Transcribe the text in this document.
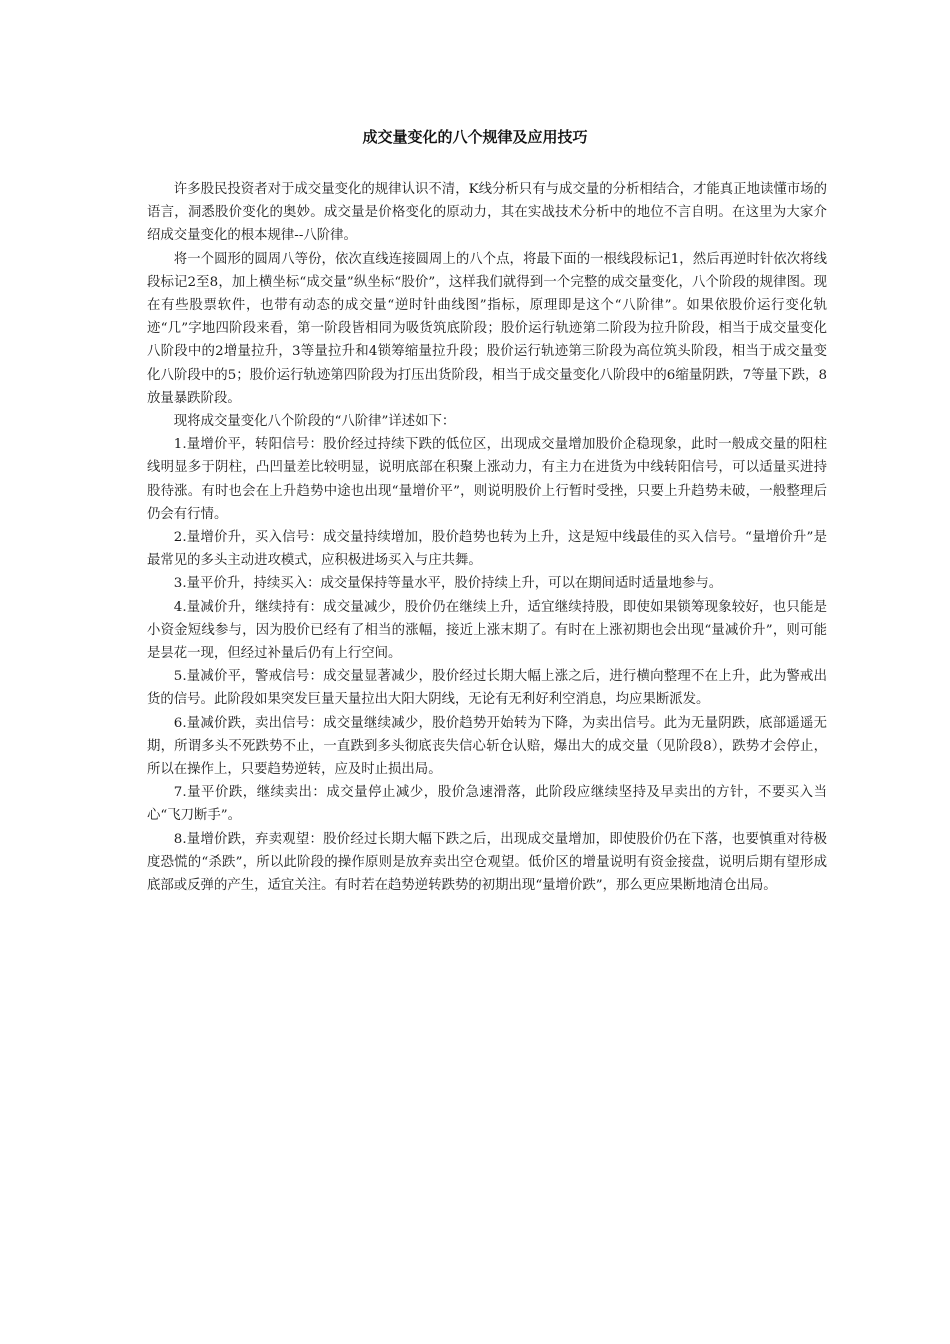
成交量变化的八个规律及应用技巧

许多股民投资者对于成交量变化的规律认识不清，K线分析只有与成交量的分析相结合，才能真正地读懂市场的语言，洞悉股价变化的奥妙。成交量是价格变化的原动力，其在实战技术分析中的地位不言自明。在这里为大家介绍成交量变化的根本规律--八阶律。

将一个圆形的圆周八等份，依次直线连接圆周上的八个点，将最下面的一根线段标记1，然后再逆时针依次将线段标记2至8，加上横坐标“成交量”纵坐标“股价”，这样我们就得到一个完整的成交量变化，八个阶段的规律图。现在有些股票软件，也带有动态的成交量“逆时针曲线图”指标，原理即是这个“八阶律”。如果依股价运行变化轨迹“几”字地四阶段来看，第一阶段皆相同为吸货筑底阶段；股价运行轨迹第二阶段为拉升阶段，相当于成交量变化八阶段中的2增量拉升，3等量拉升和4锁筹缩量拉升段；股价运行轨迹第三阶段为高位筑头阶段，相当于成交量变化八阶段中的5；股价运行轨迹第四阶段为打压出货阶段，相当于成交量变化八阶段中的6缩量阴跌，7等量下跌，8放量暴跌阶段。

现将成交量变化八个阶段的“八阶律”详述如下：

1.量增价平，转阳信号：股价经过持续下跌的低位区，出现成交量增加股价企稳现象，此时一般成交量的阳柱线明显多于阴柱，凸凹量差比较明显，说明底部在积聚上涨动力，有主力在进货为中线转阳信号，可以适量买进持股待涨。有时也会在上升趋势中途也出现“量增价平”，则说明股价上行暂时受挫，只要上升趋势未破，一般整理后仍会有行情。

2.量增价升，买入信号：成交量持续增加，股价趋势也转为上升，这是短中线最佳的买入信号。“量增价升”是最常见的多头主动进攻模式，应积极进场买入与庄共舞。

3.量平价升，持续买入：成交量保持等量水平，股价持续上升，可以在期间适时适量地参与。

4.量减价升，继续持有：成交量减少，股价仍在继续上升，适宜继续持股，即使如果锁筹现象较好，也只能是小资金短线参与，因为股价已经有了相当的涨幅，接近上涨末期了。有时在上涨初期也会出现“量减价升”，则可能是昙花一现，但经过补量后仍有上行空间。

5.量减价平，警戒信号：成交量显著减少，股价经过长期大幅上涨之后，进行横向整理不在上升，此为警戒出货的信号。此阶段如果突发巨量天量拉出大阳大阴线，无论有无利好利空消息，均应果断派发。

6.量减价跌，卖出信号：成交量继续减少，股价趋势开始转为下降，为卖出信号。此为无量阴跌，底部遥遥无期，所谓多头不死跌势不止，一直跌到多头彻底丧失信心斩仓认赔，爆出大的成交量（见阶段8），跌势才会停止，所以在操作上，只要趋势逆转，应及时止损出局。

7.量平价跌，继续卖出：成交量停止减少，股价急速滑落，此阶段应继续坚持及早卖出的方针，不要买入当心“飞刀断手”。

8.量增价跌，弃卖观望：股价经过长期大幅下跌之后，出现成交量增加，即使股价仍在下落，也要慎重对待极度恐慌的“杀跌”，所以此阶段的操作原则是放弃卖出空仓观望。低价区的增量说明有资金接盘，说明后期有望形成底部或反弹的产生，适宜关注。有时若在趋势逆转跌势的初期出现“量增价跌”，那么更应果断地清仓出局。
